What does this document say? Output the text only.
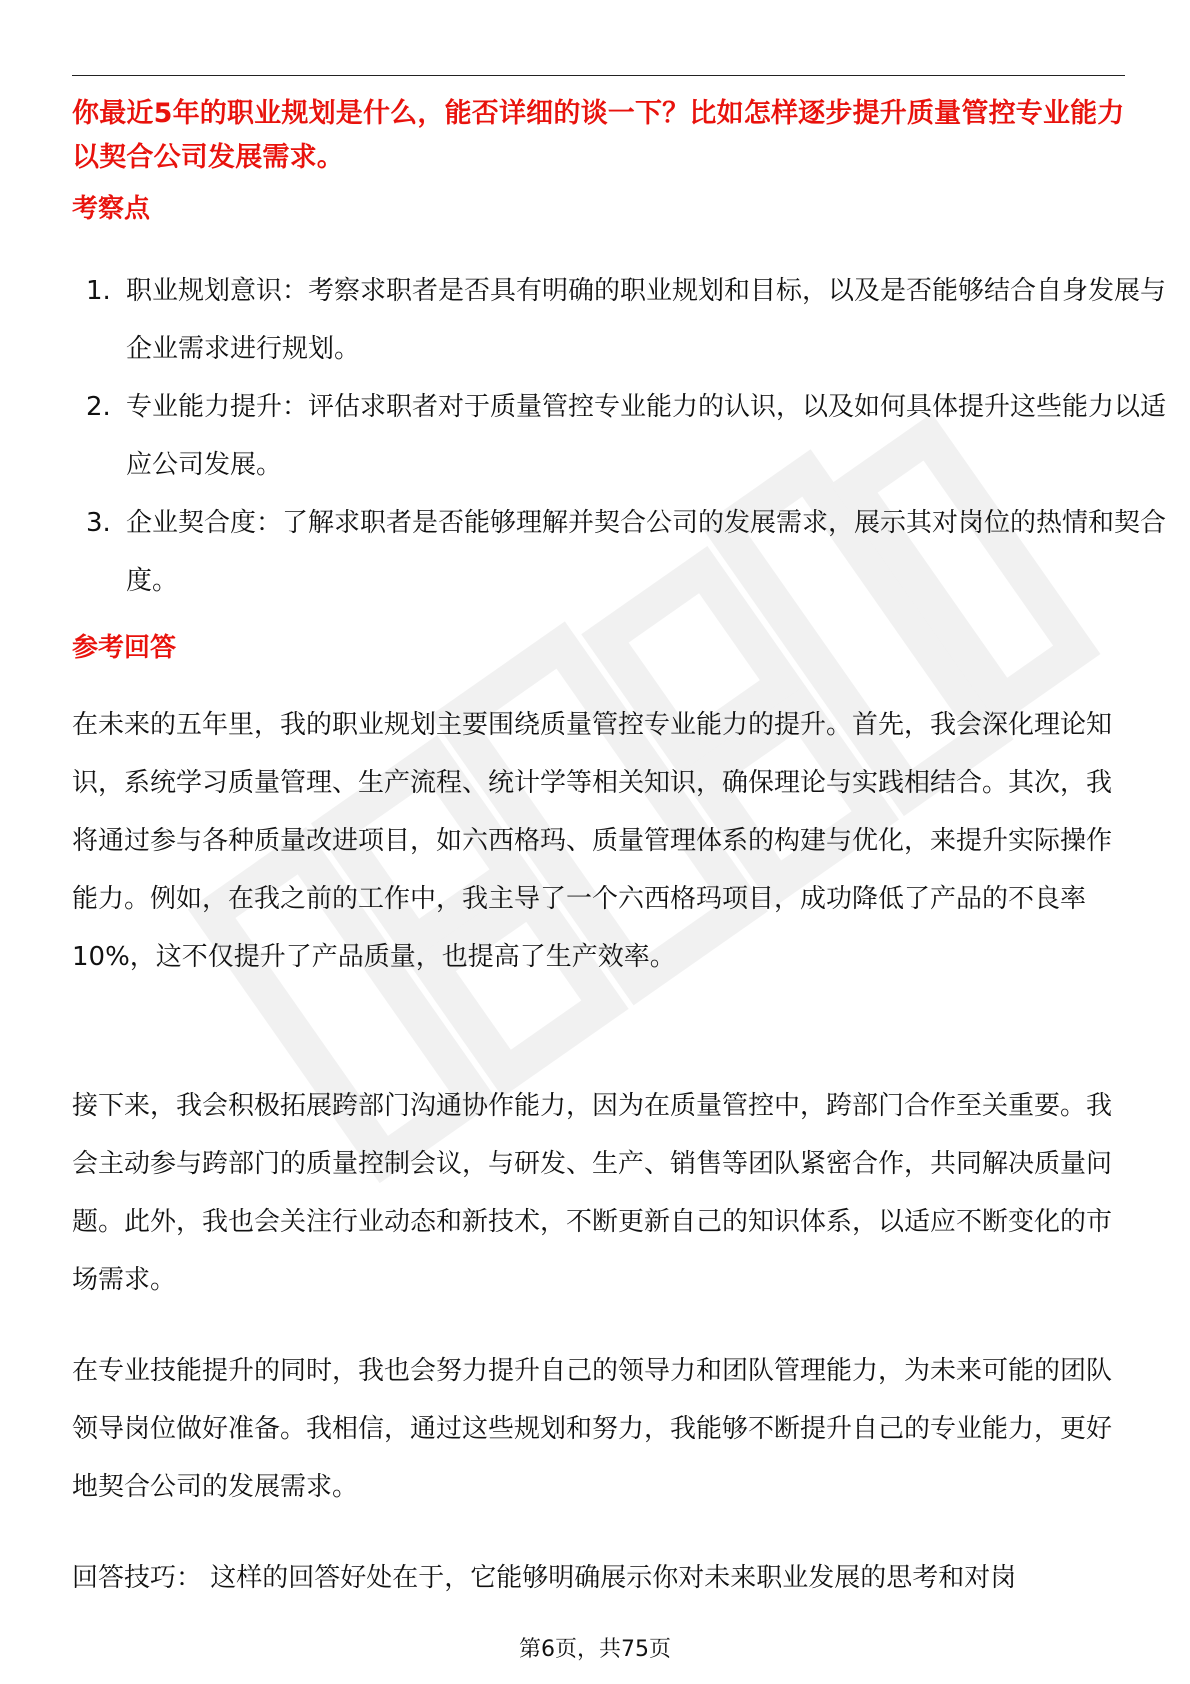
你最近5年的职业规划是什么，能否详细的谈一下？比如怎样逐步提升质量管控专业能力以契合公司发展需求。
考察点
1. 职业规划意识：考察求职者是否具有明确的职业规划和目标，以及是否能够结合自身发展与企业需求进行规划。
2. 专业能力提升：评估求职者对于质量管控专业能力的认识，以及如何具体提升这些能力以适应公司发展。
3. 企业契合度：了解求职者是否能够理解并契合公司的发展需求，展示其对岗位的热情和契合度。
参考回答

在未来的五年里，我的职业规划主要围绕质量管控专业能力的提升。首先，我会深化理论知识，系统学习质量管理、生产流程、统计学等相关知识，确保理论与实践相结合。其次，我将通过参与各种质量改进项目，如六西格玛、质量管理体系的构建与优化，来提升实际操作能力。例如，在我之前的工作中，我主导了一个六西格玛项目，成功降低了产品的不良率10%，这不仅提升了产品质量，也提高了生产效率。

接下来，我会积极拓展跨部门沟通协作能力，因为在质量管控中，跨部门合作至关重要。我会主动参与跨部门的质量控制会议，与研发、生产、销售等团队紧密合作，共同解决质量问题。此外，我也会关注行业动态和新技术，不断更新自己的知识体系，以适应不断变化的市场需求。

在专业技能提升的同时，我也会努力提升自己的领导力和团队管理能力，为未来可能的团队领导岗位做好准备。我相信，通过这些规划和努力，我能够不断提升自己的专业能力，更好地契合公司的发展需求。

回答技巧： 这样的回答好处在于，它能够明确展示你对未来职业发展的思考和对岗

第6页，共75页
